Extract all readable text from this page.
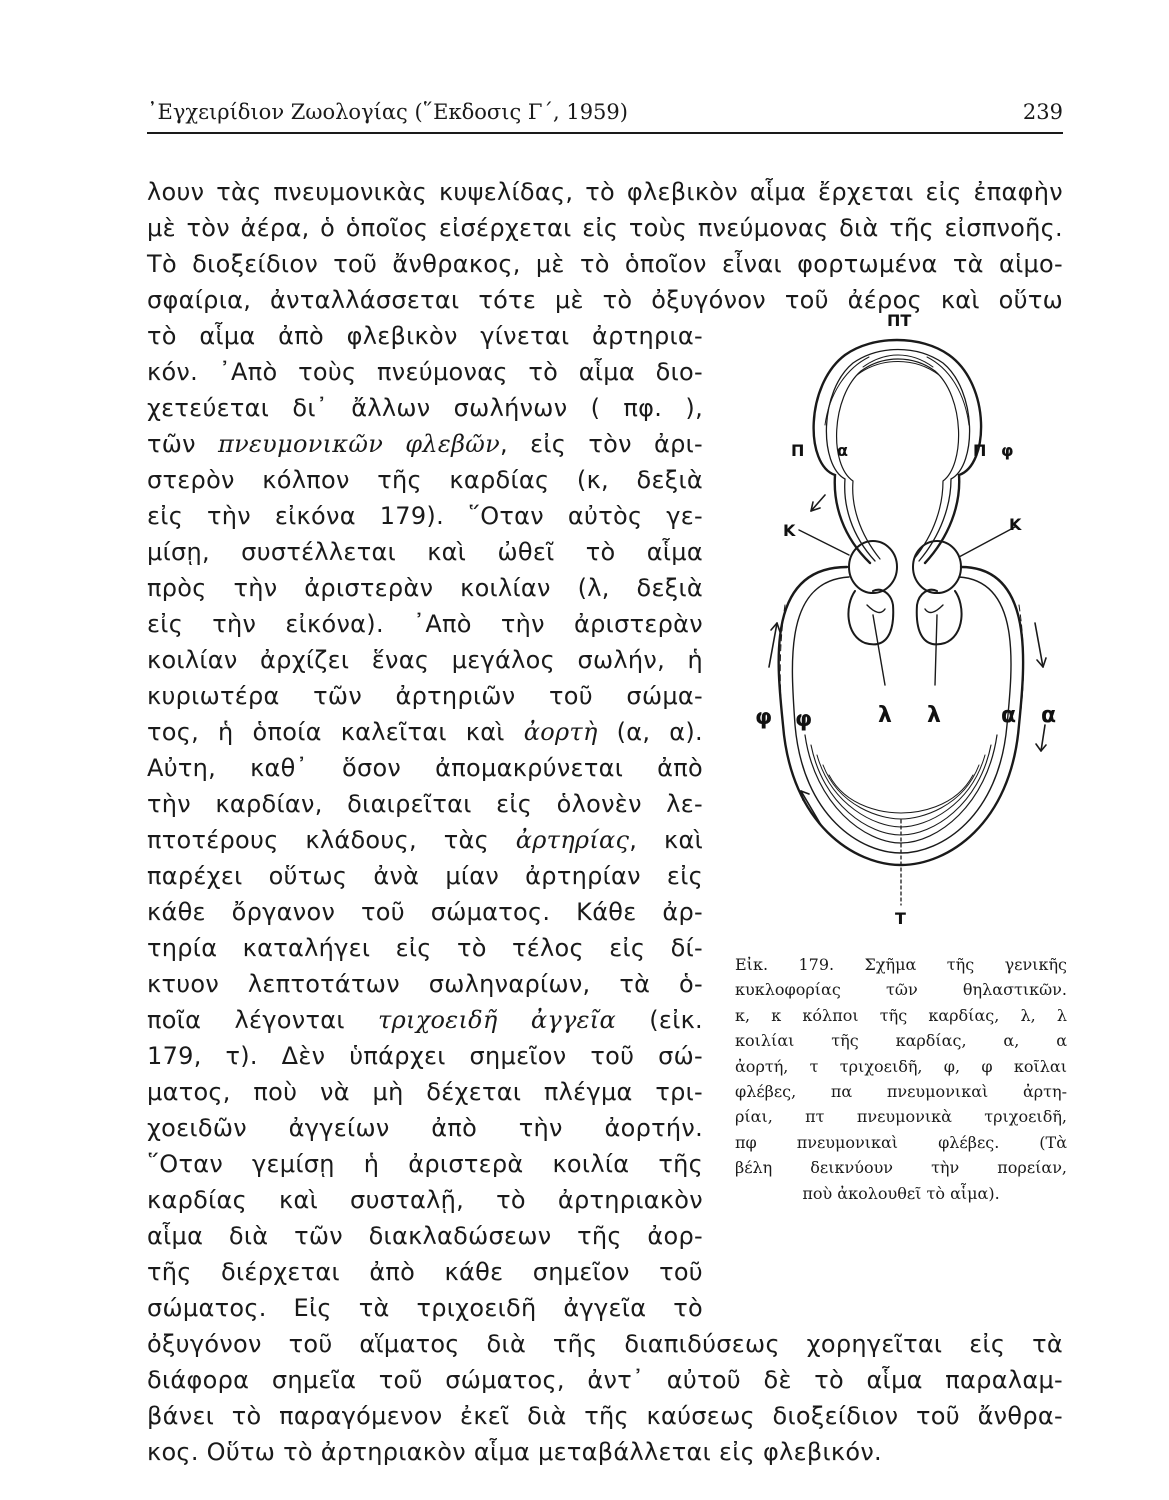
᾽Εγχειρίδιον Ζωολογίας (῞Εκδοσις Γ΄, 1959)	239
λουν τὰς πνευμονικὰς κυψελίδας, τὸ φλεβικὸν αἷμα ἔρχεται εἰς ἐπαφὴν
μὲ τὸν ἀέρα, ὁ ὁποῖος εἰσέρχεται εἰς τοὺς πνεύμονας διὰ τῆς εἰσπνοῆς.
Τὸ διοξείδιον τοῦ ἄνθρακος, μὲ τὸ ὁποῖον εἶναι φορτωμένα τὰ αἱμο-
σφαίρια, ἀνταλλάσσεται τότε μὲ τὸ ὀξυγόνον τοῦ ἀέρος καὶ οὕτω
τὸ αἷμα ἀπὸ φλεβικὸν γίνεται ἀρτηρια-
κόν. ᾽Απὸ τοὺς πνεύμονας τὸ αἷμα διο-
χετεύεται δι᾽ ἄλλων σωλήνων ( πφ. ),
τῶν πνευμονικῶν φλεβῶν, εἰς τὸν ἀρι-
στερὸν κόλπον τῆς καρδίας (κ, δεξιὰ
εἰς τὴν εἰκόνα 179). ῞Οταν αὐτὸς γε-
μίσῃ, συστέλλεται καὶ ὠθεῖ τὸ αἷμα
πρὸς τὴν ἀριστερὰν κοιλίαν (λ, δεξιὰ
εἰς τὴν εἰκόνα). ᾽Απὸ τὴν ἀριστερὰν
κοιλίαν ἀρχίζει ἕνας μεγάλος σωλήν, ἡ
κυριωτέρα τῶν ἀρτηριῶν τοῦ σώμα-
τος, ἡ ὁποία καλεῖται καὶ ἀορτὴ (α, α).
Αὐτη, καθ᾽ ὅσον ἀπομακρύνεται ἀπὸ
τὴν καρδίαν, διαιρεῖται εἰς ὁλονὲν λε-
πτοτέρους κλάδους, τὰς ἀρτηρίας, καὶ
παρέχει οὕτως ἀνὰ μίαν ἀρτηρίαν εἰς
κάθε ὄργανον τοῦ σώματος. Κάθε ἀρ-
τηρία καταλήγει εἰς τὸ τέλος εἰς δί-
κτυον λεπτοτάτων σωληναρίων, τὰ ὁ-
ποῖα λέγονται τριχοειδῆ ἀγγεῖα (εἰκ.
179, τ). Δὲν ὑπάρχει σημεῖον τοῦ σώ-
ματος, ποὺ νὰ μὴ δέχεται πλέγμα τρι-
χοειδῶν ἀγγείων ἀπὸ τὴν ἀορτήν.
῞Οταν γεμίσῃ ἡ ἀριστερὰ κοιλία τῆς
καρδίας καὶ συσταλῇ, τὸ ἀρτηριακὸν
αἷμα διὰ τῶν διακλαδώσεων τῆς ἀορ-
τῆς διέρχεται ἀπὸ κάθε σημεῖον τοῦ
σώματος. Εἰς τὰ τριχοειδῆ ἀγγεῖα τὸ
ὀξυγόνον τοῦ αἵματος διὰ τῆς διαπιδύσεως χορηγεῖται εἰς τὰ
διάφορα σημεῖα τοῦ σώματος, ἀντ᾽ αὐτοῦ δὲ τὸ αἷμα παραλαμ-
βάνει τὸ παραγόμενον ἐκεῖ διὰ τῆς καύσεως διοξείδιον τοῦ ἄνθρα-
κος. Οὕτω τὸ ἀρτηριακὸν αἷμα μεταβάλλεται εἰς φλεβικόν.
ΠΤ
Π α	Π φ
Κ	Κ
φ φ	λ λ	α α
Τ
Εἰκ. 179. Σχῆμα τῆς γενικῆς
κυκλοφορίας τῶν θηλαστικῶν.
κ, κ κόλποι τῆς καρδίας, λ, λ
κοιλίαι τῆς καρδίας, α, α
ἀορτή, τ τριχοειδῆ, φ, φ κοῖλαι
φλέβες, πα πνευμονικαὶ ἀρτη-
ρίαι, πτ πνευμονικὰ τριχοειδῆ,
πφ πνευμονικαὶ φλέβες. (Τὰ
βέλη δεικνύουν τὴν πορείαν,
ποὺ ἀκολουθεῖ τὸ αἷμα).
